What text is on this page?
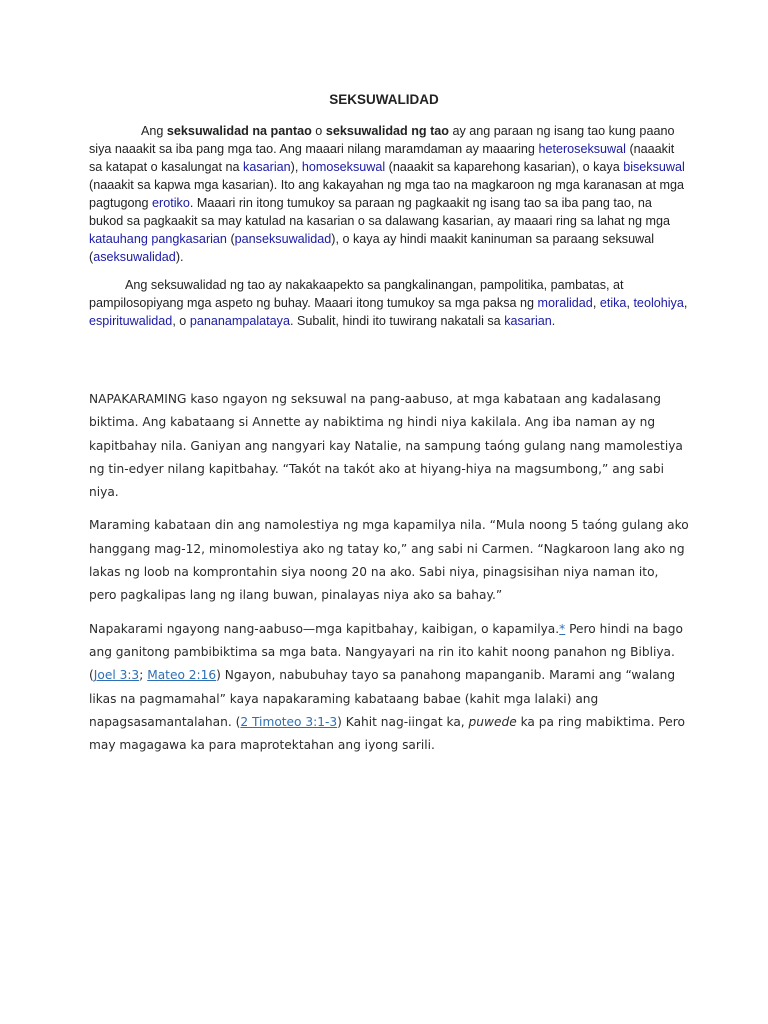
SEKSUWALIDAD

Ang seksuwalidad na pantao o seksuwalidad ng tao ay ang paraan ng isang tao kung paano siya naaakit sa iba pang mga tao. Ang maaari nilang maramdaman ay maaaring heteroseksuwal (naaakit sa katapat o kasalungat na kasarian), homoseksuwal (naaakit sa kaparehong kasarian), o kaya biseksuwal (naaakit sa kapwa mga kasarian). Ito ang kakayahan ng mga tao na magkaroon ng mga karanasan at mga pagtugong erotiko. Maaari rin itong tumukoy sa paraan ng pagkaakit ng isang tao sa iba pang tao, na bukod sa pagkaakit sa may katulad na kasarian o sa dalawang kasarian, ay maaari ring sa lahat ng mga katauhang pangkasarian (panseksuwalidad), o kaya ay hindi maakit kaninuman sa paraang seksuwal (aseksuwalidad).

Ang seksuwalidad ng tao ay nakakaapekto sa pangkalinangan, pampolitika, pambatas, at pampilosopiyang mga aspeto ng buhay. Maaari itong tumukoy sa mga paksa ng moralidad, etika, teolohiya, espirituwalidad, o pananampalataya. Subalit, hindi ito tuwirang nakatali sa kasarian.

NAPAKARAMING kaso ngayon ng seksuwal na pang-aabuso, at mga kabataan ang kadalasang biktima. Ang kabataang si Annette ay nabiktima ng hindi niya kakilala. Ang iba naman ay ng kapitbahay nila. Ganiyan ang nangyari kay Natalie, na sampung taóng gulang nang mamolestiya ng tin-edyer nilang kapitbahay. “Takót na takót ako at hiyang-hiya na magsumbong,” ang sabi niya.

Maraming kabataan din ang namolestiya ng mga kapamilya nila. “Mula noong 5 taóng gulang ako hanggang mag-12, minomolestiya ako ng tatay ko,” ang sabi ni Carmen. “Nagkaroon lang ako ng lakas ng loob na komprontahin siya noong 20 na ako. Sabi niya, pinagsisihan niya naman ito, pero pagkalipas lang ng ilang buwan, pinalayas niya ako sa bahay.”

Napakarami ngayong nang-aabuso—mga kapitbahay, kaibigan, o kapamilya.* Pero hindi na bago ang ganitong pambibiktima sa mga bata. Nangyayari na rin ito kahit noong panahon ng Bibliya. (Joel 3:3; Mateo 2:16) Ngayon, nabubuhay tayo sa panahong mapanganib. Marami ang “walang likas na pagmamahal” kaya napakaraming kabataang babae (kahit mga lalaki) ang napagsasamantalahan. (2 Timoteo 3:1-3) Kahit nag-iingat ka, puwede ka pa ring mabiktima. Pero may magagawa ka para maprotektahan ang iyong sarili.
